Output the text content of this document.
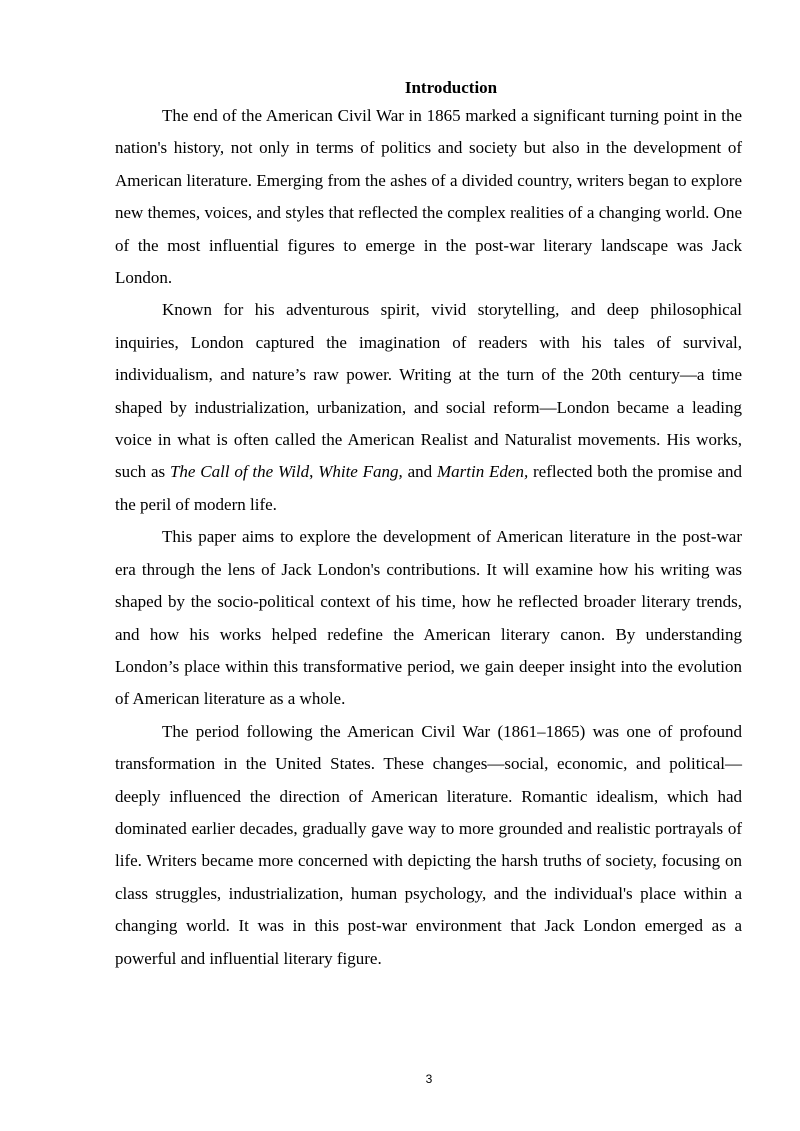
Introduction

The end of the American Civil War in 1865 marked a significant turning point in the nation's history, not only in terms of politics and society but also in the development of American literature. Emerging from the ashes of a divided country, writers began to explore new themes, voices, and styles that reflected the complex realities of a changing world. One of the most influential figures to emerge in the post-war literary landscape was Jack London.

Known for his adventurous spirit, vivid storytelling, and deep philosophical inquiries, London captured the imagination of readers with his tales of survival, individualism, and nature’s raw power. Writing at the turn of the 20th century—a time shaped by industrialization, urbanization, and social reform—London became a leading voice in what is often called the American Realist and Naturalist movements. His works, such as The Call of the Wild, White Fang, and Martin Eden, reflected both the promise and the peril of modern life.

This paper aims to explore the development of American literature in the post-war era through the lens of Jack London's contributions. It will examine how his writing was shaped by the socio-political context of his time, how he reflected broader literary trends, and how his works helped redefine the American literary canon. By understanding London’s place within this transformative period, we gain deeper insight into the evolution of American literature as a whole.

The period following the American Civil War (1861–1865) was one of profound transformation in the United States. These changes—social, economic, and political—deeply influenced the direction of American literature. Romantic idealism, which had dominated earlier decades, gradually gave way to more grounded and realistic portrayals of life. Writers became more concerned with depicting the harsh truths of society, focusing on class struggles, industrialization, human psychology, and the individual's place within a changing world. It was in this post-war environment that Jack London emerged as a powerful and influential literary figure.

3
